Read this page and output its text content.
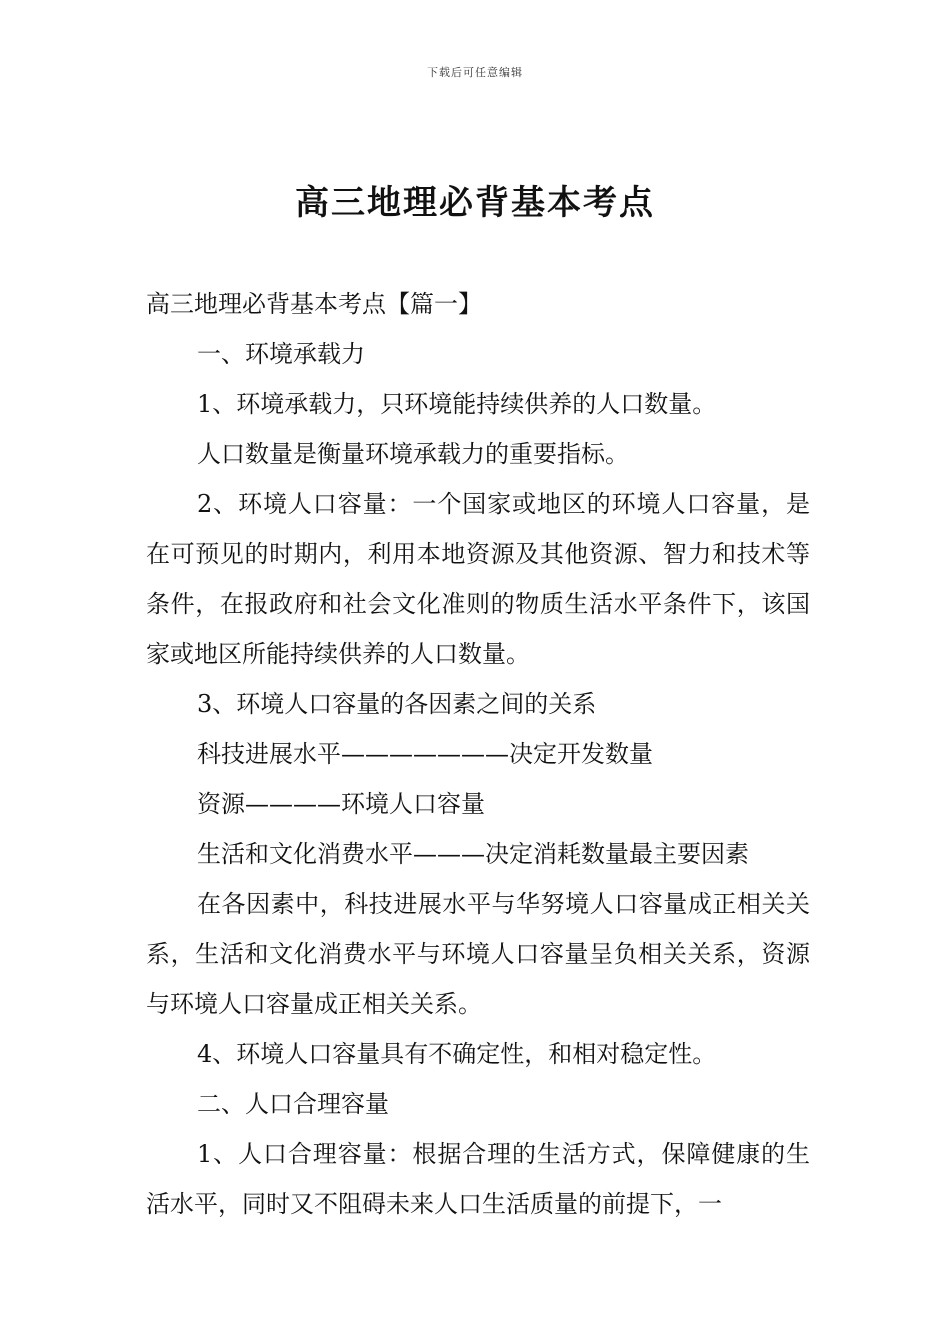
下载后可任意编辑
高三地理必背基本考点

高三地理必背基本考点【篇一】

一、环境承载力

1、环境承载力，只环境能持续供养的人口数量。

人口数量是衡量环境承载力的重要指标。

2、环境人口容量：一个国家或地区的环境人口容量，是在可预见的时期内，利用本地资源及其他资源、智力和技术等条件，在报政府和社会文化准则的物质生活水平条件下，该国家或地区所能持续供养的人口数量。

3、环境人口容量的各因素之间的关系

科技进展水平———————决定开发数量

资源————环境人口容量

生活和文化消费水平———决定消耗数量最主要因素

在各因素中，科技进展水平与华努境人口容量成正相关关系，生活和文化消费水平与环境人口容量呈负相关关系，资源与环境人口容量成正相关关系。

4、环境人口容量具有不确定性，和相对稳定性。

二、人口合理容量

1、人口合理容量：根据合理的生活方式，保障健康的生活水平，同时又不阻碍未来人口生活质量的前提下，一
